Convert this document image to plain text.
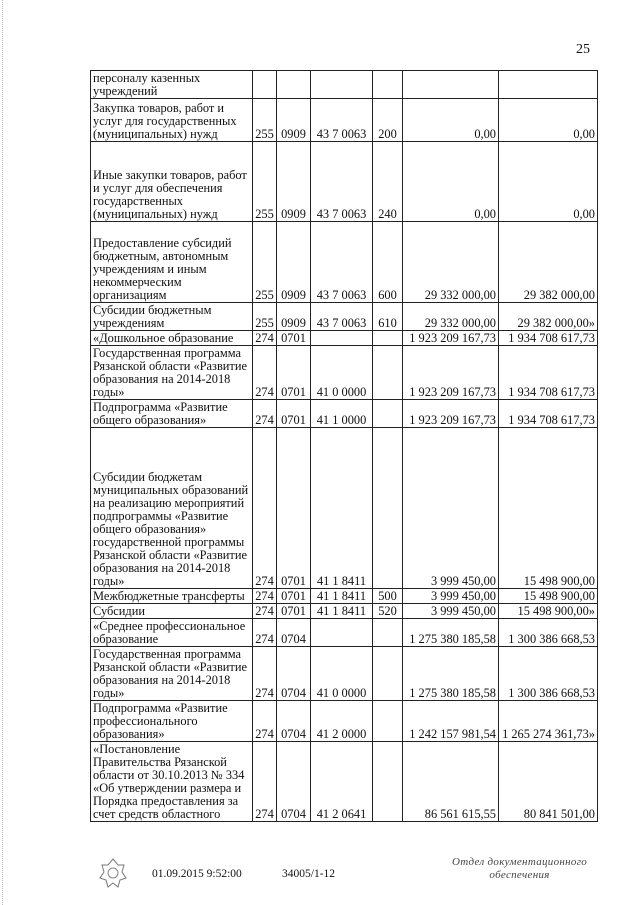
25
персоналу казенных учреждений						
Закупка товаров, работ и услуг для государственных (муниципальных) нужд	255	0909	43 7 0063	200	0,00	0,00
Иные закупки товаров, работ и услуг для обеспечения государственных (муниципальных) нужд	255	0909	43 7 0063	240	0,00	0,00
Предоставление субсидий бюджетным, автономным учреждениям и иным некоммерческим организациям	255	0909	43 7 0063	600	29 332 000,00	29 382 000,00
Субсидии бюджетным учреждениям	255	0909	43 7 0063	610	29 332 000,00	29 382 000,00»
«Дошкольное образование	274	0701			1 923 209 167,73	1 934 708 617,73
Государственная программа Рязанской области «Развитие образования на 2014-2018 годы»	274	0701	41 0 0000		1 923 209 167,73	1 934 708 617,73
Подпрограмма «Развитие общего образования»	274	0701	41 1 0000		1 923 209 167,73	1 934 708 617,73
Субсидии бюджетам муниципальных образований на реализацию мероприятий подпрограммы «Развитие общего образования» государственной программы Рязанской области «Развитие образования на 2014-2018 годы»	274	0701	41 1 8411		3 999 450,00	15 498 900,00
Межбюджетные трансферты	274	0701	41 1 8411	500	3 999 450,00	15 498 900,00
Субсидии	274	0701	41 1 8411	520	3 999 450,00	15 498 900,00»
«Среднее профессиональное образование	274	0704			1 275 380 185,58	1 300 386 668,53
Государственная программа Рязанской области «Развитие образования на 2014-2018 годы»	274	0704	41 0 0000		1 275 380 185,58	1 300 386 668,53
Подпрограмма «Развитие профессионального образования»	274	0704	41 2 0000		1 242 157 981,54	1 265 274 361,73»
«Постановление Правительства Рязанской области от 30.10.2013 № 334 «Об утверждении размера и Порядка предоставления за счет средств областного	274	0704	41 2 0641		86 561 615,55	80 841 501,00
01.09.2015 9:52:00	34005/1-12
Отдел документационного
обеспечения
